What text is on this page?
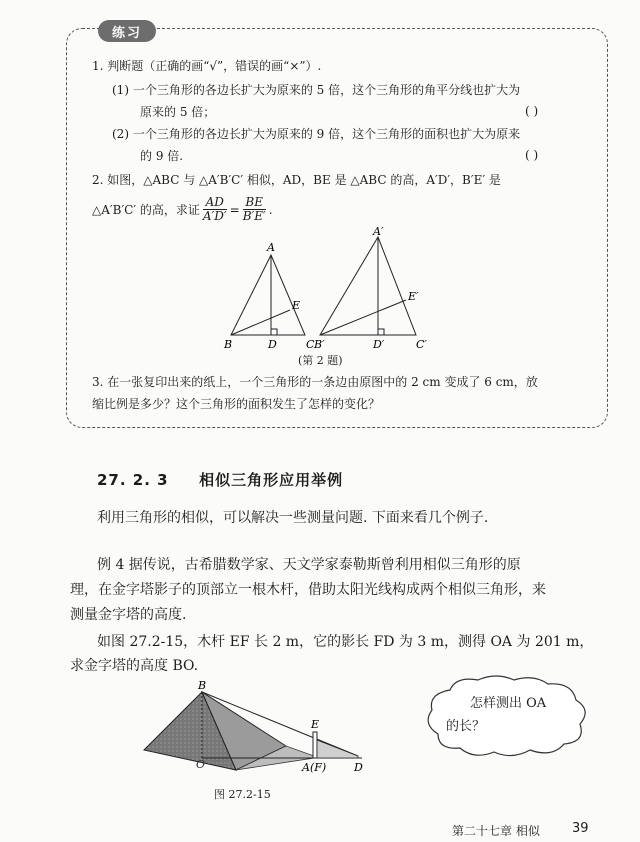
练习
1. 判断题（正确的画“√”，错误的画“×”）.
(1) 一个三角形的各边长扩大为原来的 5 倍，这个三角形的角平分线也扩大为
原来的 5 倍；	( )
(2) 一个三角形的各边长扩大为原来的 9 倍，这个三角形的面积也扩大为原来
的 9 倍.	( )
2. 如图，△ABC 与 △A′B′C′ 相似，AD，BE 是 △ABC 的高，A′D′，B′E′ 是
△A′B′C′ 的高，求证 $\frac{AD}{A'D'} = \frac{BE}{B'E'}$ .
A
B	D	C
E
A′
B′	D′	C′
E′
(第 2 题)
3. 在一张复印出来的纸上，一个三角形的一条边由原图中的 2 cm 变成了 6 cm，放
缩比例是多少？这个三角形的面积发生了怎样的变化？
27. 2. 3 相似三角形应用举例
利用三角形的相似，可以解决一些测量问题. 下面来看几个例子.
例 4 据传说，古希腊数学家、天文学家泰勒斯曾利用相似三角形的原
理，在金字塔影子的顶部立一根木杆，借助太阳光线构成两个相似三角形，来
测量金字塔的高度.
如图 27.2-15，木杆 EF 长 2 m，它的影长 FD 为 3 m，测得 OA 为 201 m，
求金字塔的高度 BO.
B
O
E
A(F)	D
图 27.2-15
怎样测出 OA
的长？
第二十七章 相似 39
